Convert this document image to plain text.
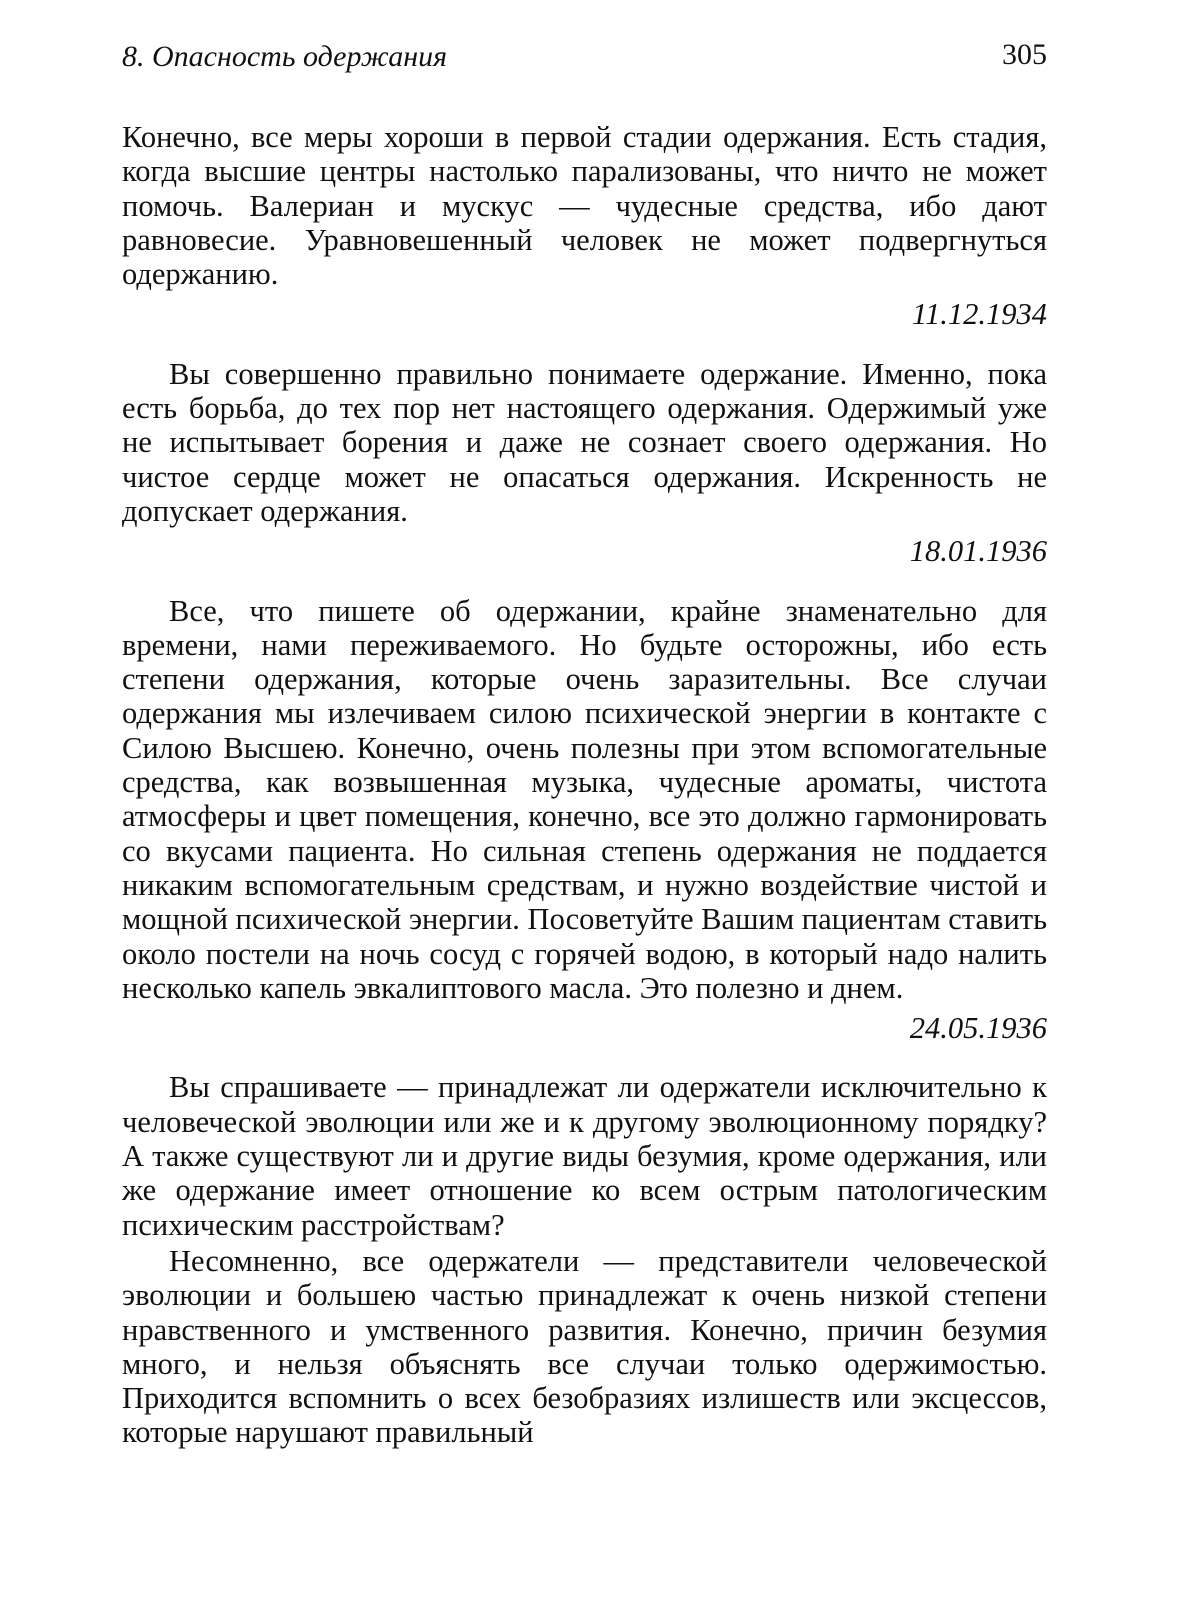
8. Опасность одержания	305

Конечно, все меры хороши в первой стадии одержания. Есть стадия, когда высшие центры настолько парализованы, что ничто не может помочь. Валериан и мускус — чудесные средства, ибо дают равновесие. Уравновешенный человек не может подвергнуться одержанию.

11.12.1934

Вы совершенно правильно понимаете одержание. Именно, пока есть борьба, до тех пор нет настоящего одержания. Одержимый уже не испытывает борения и даже не сознает своего одержания. Но чистое сердце может не опасаться одержания. Искренность не допускает одержания.

18.01.1936

Все, что пишете об одержании, крайне знаменательно для времени, нами переживаемого. Но будьте осторожны, ибо есть степени одержания, которые очень заразительны. Все случаи одержания мы излечиваем силою психической энергии в контакте с Силою Высшею. Конечно, очень полезны при этом вспомогательные средства, как возвышенная музыка, чудесные ароматы, чистота атмосферы и цвет помещения, конечно, все это должно гармонировать со вкусами пациента. Но сильная степень одержания не поддается никаким вспомогательным средствам, и нужно воздействие чистой и мощной психической энергии. Посоветуйте Вашим пациентам ставить около постели на ночь сосуд с горячей водою, в который надо налить несколько капель эвкалиптового масла. Это полезно и днем.

24.05.1936

Вы спрашиваете — принадлежат ли одержатели исключительно к человеческой эволюции или же и к другому эволюционному порядку? А также существуют ли и другие виды безумия, кроме одержания, или же одержание имеет отношение ко всем острым патологическим психическим расстройствам?

Несомненно, все одержатели — представители человеческой эволюции и большею частью принадлежат к очень низкой степени нравственного и умственного развития. Конечно, причин безумия много, и нельзя объяснять все случаи только одержимостью. Приходится вспомнить о всех безобразиях излишеств или эксцессов, которые нарушают правильный
